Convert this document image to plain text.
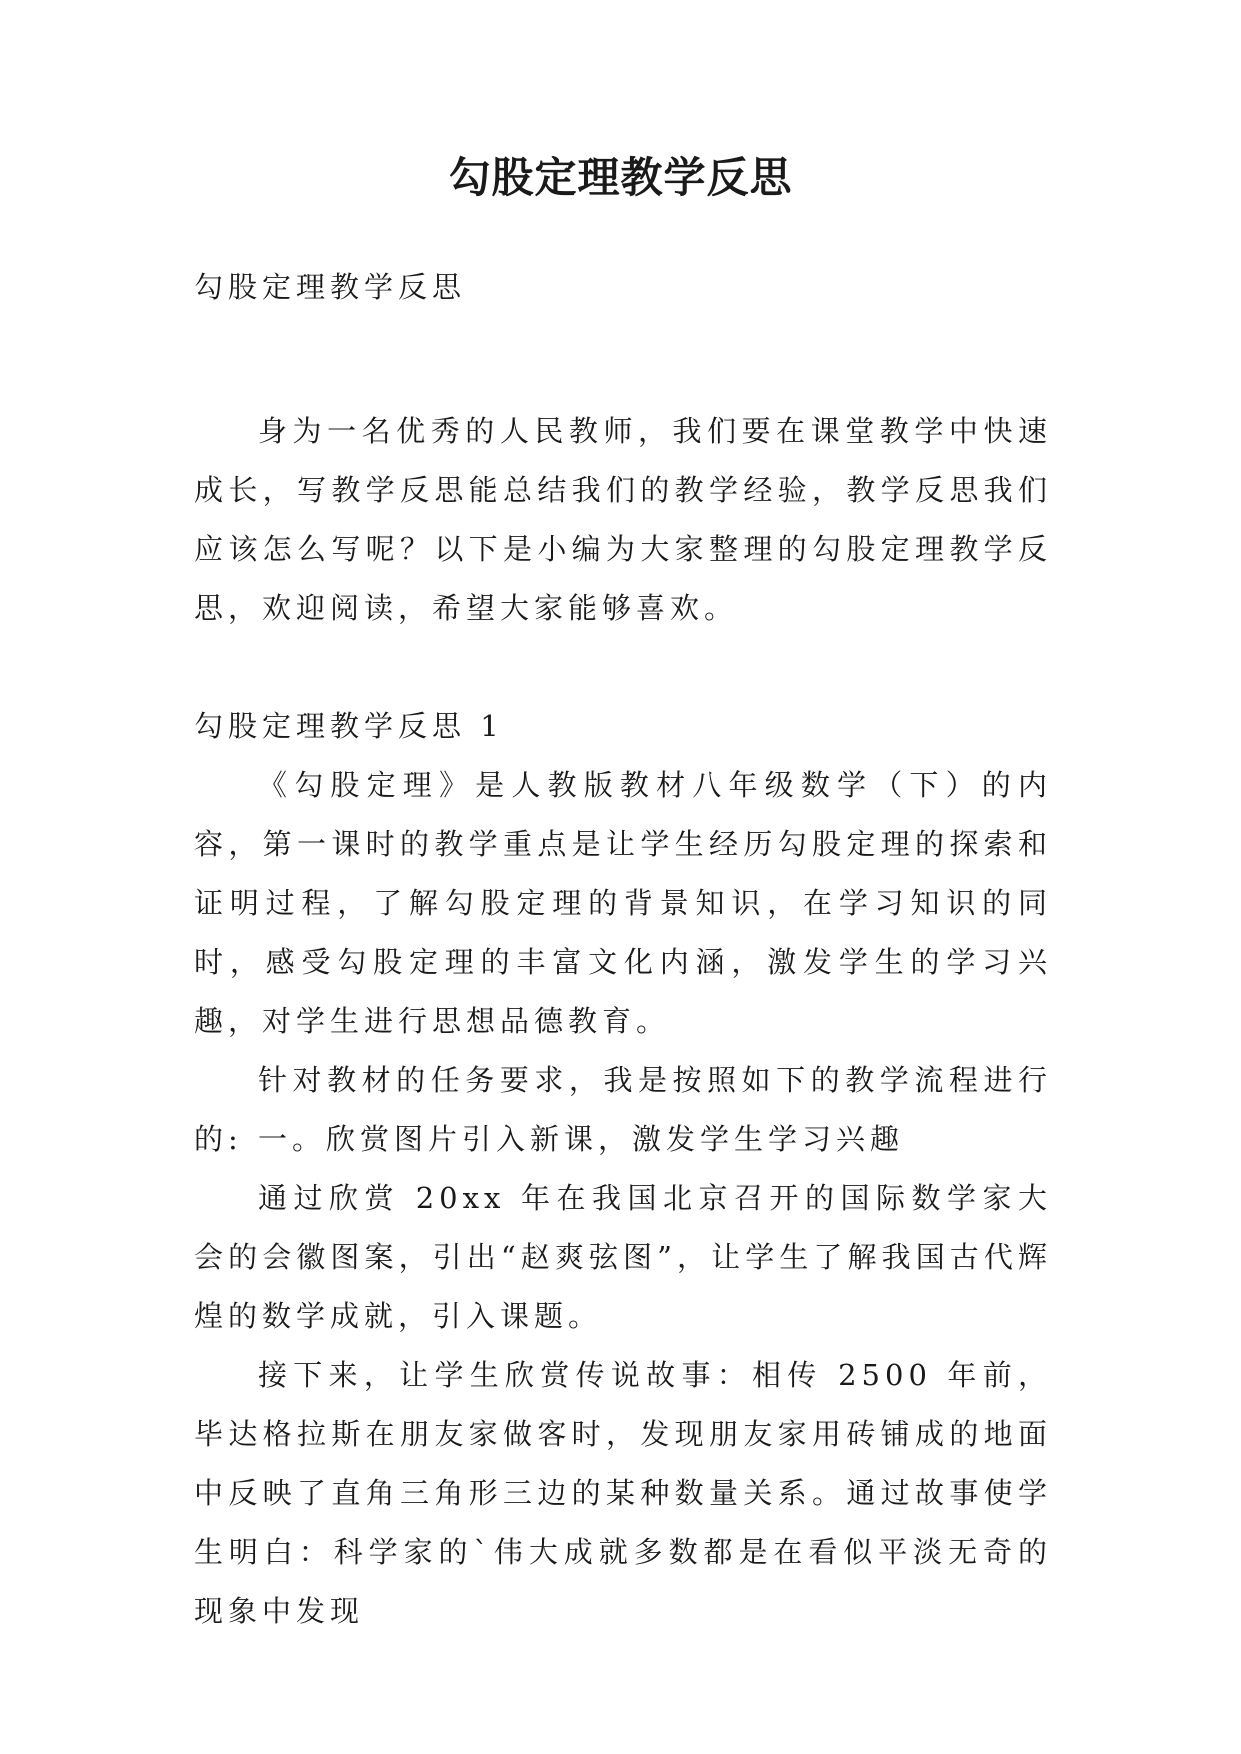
勾股定理教学反思

勾股定理教学反思

身为一名优秀的人民教师，我们要在课堂教学中快速成长，写教学反思能总结我们的教学经验，教学反思我们应该怎么写呢？以下是小编为大家整理的勾股定理教学反思，欢迎阅读，希望大家能够喜欢。

勾股定理教学反思 1

《勾股定理》是人教版教材八年级数学（下）的内容，第一课时的教学重点是让学生经历勾股定理的探索和证明过程，了解勾股定理的背景知识，在学习知识的同时，感受勾股定理的丰富文化内涵，激发学生的学习兴趣，对学生进行思想品德教育。

针对教材的任务要求，我是按照如下的教学流程进行的: 一。欣赏图片引入新课，激发学生学习兴趣

通过欣赏 20xx 年在我国北京召开的国际数学家大会的会徽图案，引出“赵爽弦图”，让学生了解我国古代辉煌的数学成就，引入课题。

接下来，让学生欣赏传说故事：相传 2500 年前，毕达格拉斯在朋友家做客时，发现朋友家用砖铺成的地面中反映了直角三角形三边的某种数量关系。通过故事使学生明白：科学家的`伟大成就多数都是在看似平淡无奇的现象中发现
